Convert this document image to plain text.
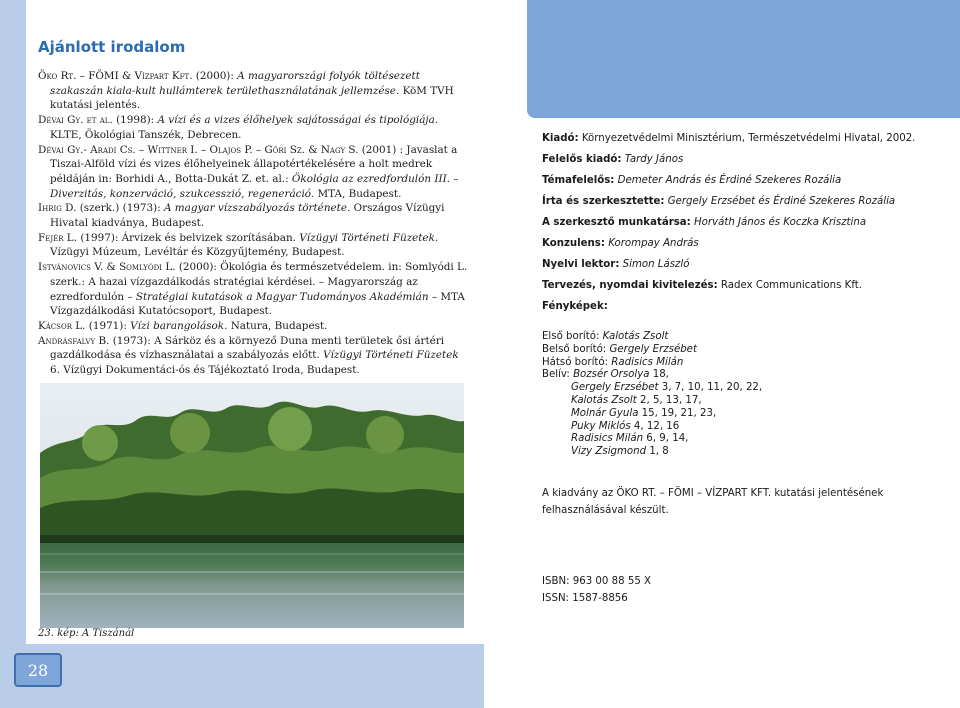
28
Ajánlott irodalom

Öko Rt. – FÖMI & Vízpart Kft. (2000): A magyarországi folyók töltésezett szakaszán kiala-kult hullámterek területhasználatának jellemzése. KöM TVH kutatási jelentés.

Dévai Gy. et al. (1998): A vízi és a vizes élőhelyek sajátosságai és tipológiája. KLTE, Ökológiai Tanszék, Debrecen.

Dévai Gy.- Aradi Cs. – Wittner I. – Olajos P. – Gőri Sz. & Nagy S. (2001) : Javaslat a Tiszai-Alföld vízi és vizes élőhelyeinek állapotértékelésére a holt medrek példáján in: Borhidi A., Botta-Dukát Z. et. al.: Ökológia az ezredfordulón III. – Diverzitás, konzerváció, szukcesszió, regeneráció. MTA, Budapest.

Ihrig D. (szerk.) (1973): A magyar vízszabályozás története. Országos Vízügyi Hivatal kiadványa, Budapest.

Fejér L. (1997): Árvizek és belvizek szorításában. Vízügyi Történeti Füzetek. Vízügyi Múzeum, Levéltár és Közgyűjtemény, Budapest.

Istvánovics V. & Somlyódi L. (2000): Ökológia és természetvédelem. in: Somlyódi L. szerk.: A hazai vízgazdálkodás stratégiai kérdései. – Magyarország az ezredfordulón – Stratégiai kutatások a Magyar Tudományos Akadémián – MTA Vízgazdálkodási Kutatócsoport, Budapest.

Kácsor L. (1971): Vízi barangolások. Natura, Budapest.

Andrásfalvy B. (1973): A Sárköz és a környező Duna menti területek ősi ártéri gazdálkodása és vízhasználatai a szabályozás előtt. Vízügyi Történeti Füzetek 6. Vízügyi Dokumentáci-ós és Tájékoztató Iroda, Budapest.

23. kép: A Tiszánál
Kiadó: Környezetvédelmi Minisztérium, Természetvédelmi Hivatal, 2002.
Felelős kiadó: Tardy János
Témafelelős: Demeter András és Érdiné Szekeres Rozália
Írta és szerkesztette: Gergely Erzsébet és Érdiné Szekeres Rozália
A szerkesztő munkatársa: Horváth János és Koczka Krisztina
Konzulens: Korompay András
Nyelvi lektor: Simon László
Tervezés, nyomdai kivitelezés: Radex Communications Kft.
Fényképek:
Első borító: Kalotás Zsolt
Belső borító: Gergely Erzsébet
Hátsó borító: Radisics Milán
Belív: Bozsér Orsolya 18,
Gergely Erzsébet 3, 7, 10, 11, 20, 22,
Kalotás Zsolt 2, 5, 13, 17,
Molnár Gyula 15, 19, 21, 23,
Puky Miklós 4, 12, 16
Radisics Milán 6, 9, 14,
Vizy Zsigmond 1, 8
A kiadvány az ÖKO RT. – FÖMI – VÍZPART KFT. kutatási jelentésének felhasználásával készült.
ISBN: 963 00 88 55 X
ISSN: 1587-8856
